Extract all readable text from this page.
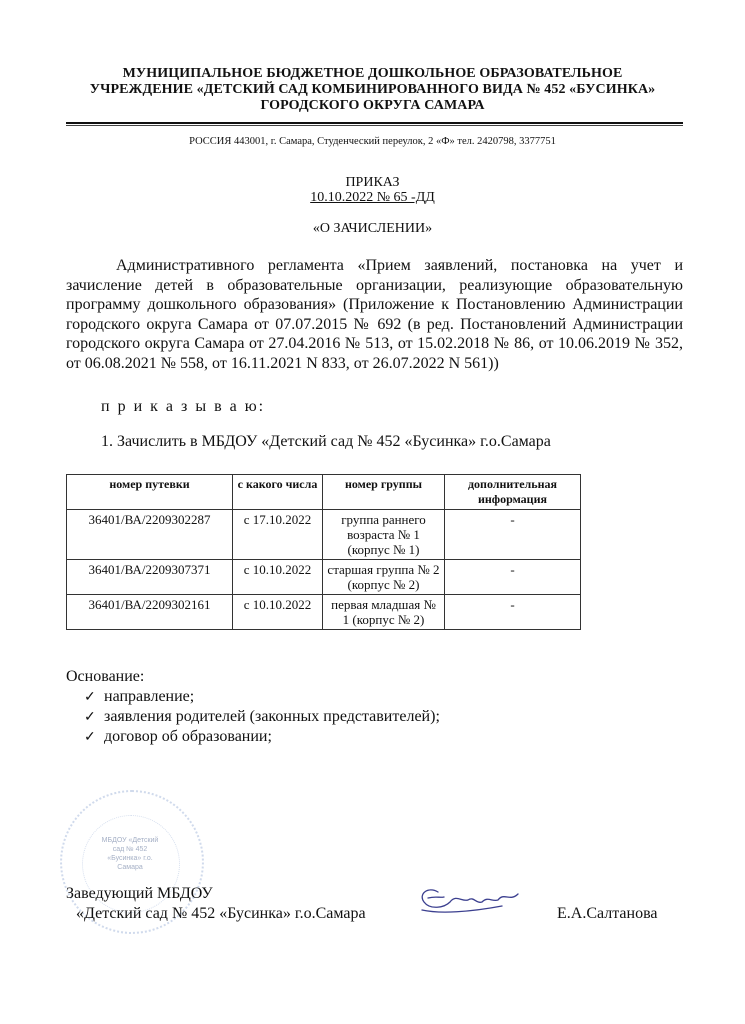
МУНИЦИПАЛЬНОЕ БЮДЖЕТНОЕ ДОШКОЛЬНОЕ ОБРАЗОВАТЕЛЬНОЕ
УЧРЕЖДЕНИЕ «ДЕТСКИЙ САД КОМБИНИРОВАННОГО ВИДА № 452 «БУСИНКА»
ГОРОДСКОГО ОКРУГА САМАРА
РОССИЯ 443001, г. Самара, Студенческий переулок, 2 «Ф» тел. 2420798, 3377751
ПРИКАЗ
10.10.2022 № 65 -ДД
«О ЗАЧИСЛЕНИИ»
Административного регламента «Прием заявлений, постановка на учет и зачисление детей в образовательные организации, реализующие образовательную программу дошкольного образования» (Приложение к Постановлению Администрации городского округа Самара от 07.07.2015 № 692 (в ред. Постановлений Администрации городского округа Самара от 27.04.2016 № 513, от 15.02.2018 № 86, от 10.06.2019 № 352, от 06.08.2021 № 558, от 16.11.2021 N 833, от 26.07.2022 N 561))
п р и к а з ы в а ю:
1. Зачислить в МБДОУ «Детский сад № 452 «Бусинка» г.о.Самара
номер путевки	с какого числа	номер группы	дополнительная информация
36401/ВА/2209302287	с 17.10.2022	группа раннего возраста № 1 (корпус № 1)	-
36401/ВА/2209307371	с 10.10.2022	старшая группа № 2 (корпус № 2)	-
36401/ВА/2209302161	с 10.10.2022	первая младшая № 1 (корпус № 2)	-
Основание:
✓ направление;
✓ заявления родителей (законных представителей);
✓ договор об образовании;
МБДОУ «Детский сад № 452 «Бусинка» г.о. Самара
Заведующий МБДОУ
«Детский сад № 452 «Бусинка» г.о.Самара	Е.А.Салтанова
